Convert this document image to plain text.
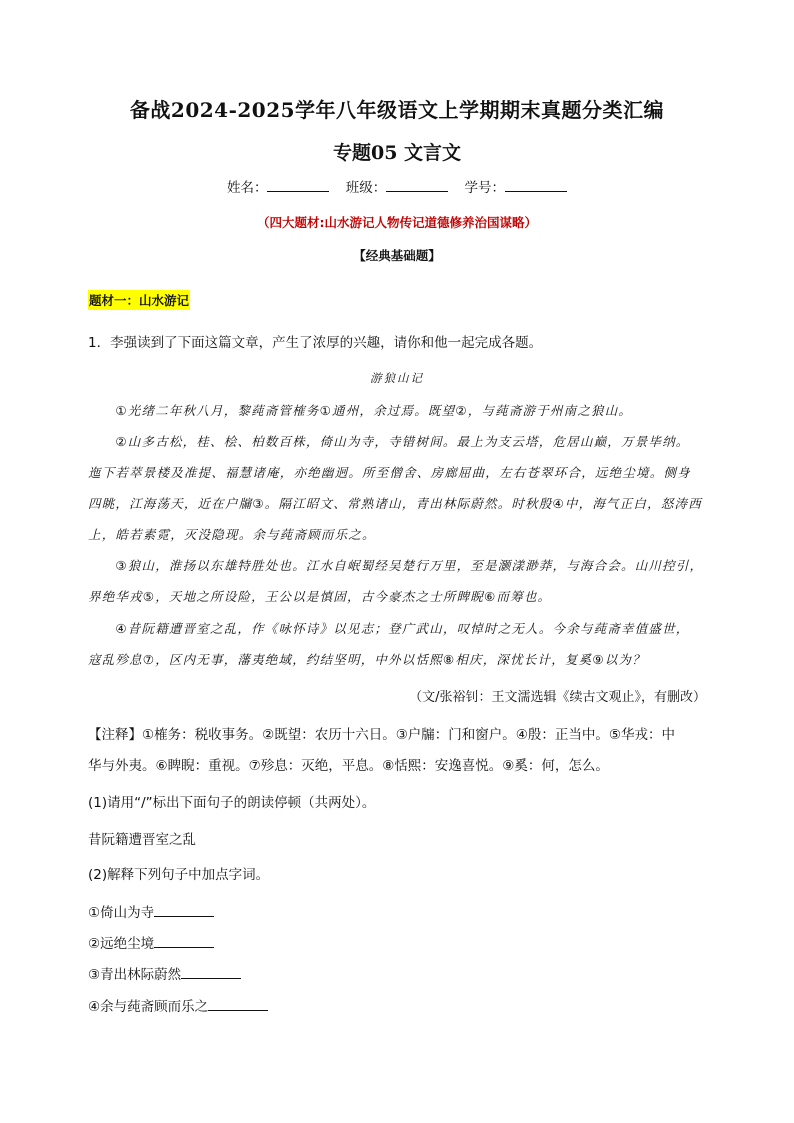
备战2024-2025学年八年级语文上学期期末真题分类汇编
专题05 文言文
姓名：	班级：	学号：
（四大题材:山水游记人物传记道德修养治国谋略）
【经典基础题】
题材一：山水游记
1．李强读到了下面这篇文章，产生了浓厚的兴趣，请你和他一起完成各题。
游狼山记
　　①光绪二年秋八月，黎莼斋管榷务①通州，余过焉。既望②，与莼斋游于州南之狼山。
　　②山多古松，桂、桧、柏数百株，倚山为寺，寺错树间。最上为支云塔，危居山巅，万景毕纳。
迤下若萃景楼及准提、福慧诸庵，亦绝幽迥。所至僧舍、房廊屈曲，左右苍翠环合，远绝尘境。侧身
四眺，江海荡天，近在户牖③。隔江昭文、常熟诸山，青出林际蔚然。时秋殷④中，海气正白，怒涛西
上，皓若素霓，灭没隐现。余与莼斋顾而乐之。
　　③狼山，淮扬以东雄特胜处也。江水自岷蜀经吴楚行万里，至是灏漾渺莽，与海合会。山川控引，
界绝华戎⑤，天地之所设险，王公以是慎固，古今豪杰之士所睥睨⑥而筹也。
　　④昔阮籍遭晋室之乱，作《咏怀诗》以见志；登广武山，叹悼时之无人。今余与莼斋幸值盛世，
寇乱殄息⑦，区内无事，藩夷绝域，约结坚明，中外以恬熙⑧相庆，深忧长计，复奚⑨以为？
（文/张裕钊：王文濡选辑《续古文观止》，有删改）
【注释】①榷务：税收事务。②既望：农历十六日。③户牖：门和窗户。④殷：正当中。⑤华戎：中
华与外夷。⑥睥睨：重视。⑦殄息：灭绝，平息。⑧恬熙：安逸喜悦。⑨奚：何，怎么。
(1)请用“/”标出下面句子的朗读停顿（共两处）。
昔阮籍遭晋室之乱
(2)解释下列句子中加点字词。
①倚山为寺
②远绝尘境
③青出林际蔚然
④余与莼斋顾而乐之
